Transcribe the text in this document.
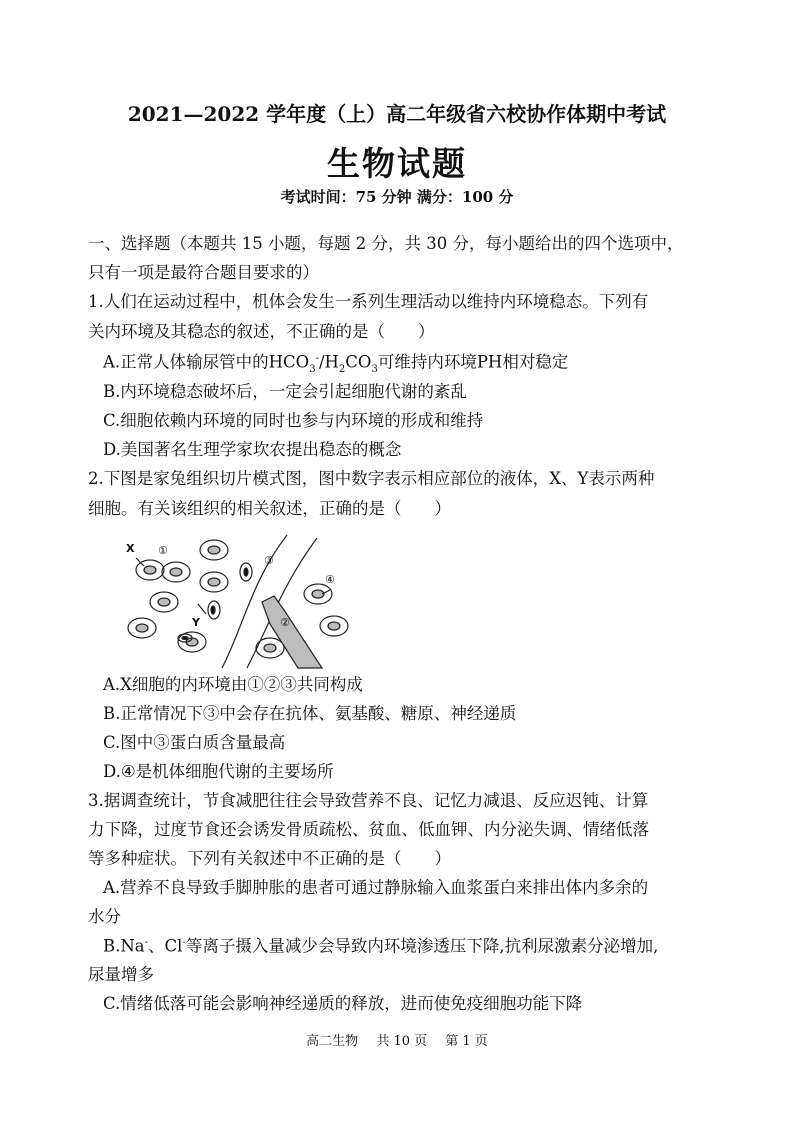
2021—2022 学年度（上）高二年级省六校协作体期中考试
生物试题
考试时间：75 分钟 满分：100 分
一、选择题（本题共 15 小题，每题 2 分，共 30 分，每小题给出的四个选项中，
只有一项是最符合题目要求的）
1.人们在运动过程中，机体会发生一系列生理活动以维持内环境稳态。下列有
关内环境及其稳态的叙述，不正确的是（　　）
A.正常人体输尿管中的$HCO_3^-/H_2CO_3$可维持内环境PH相对稳定
B.内环境稳态破坏后，一定会引起细胞代谢的紊乱
C.细胞依赖内环境的同时也参与内环境的形成和维持
D.美国著名生理学家坎农提出稳态的概念
2.下图是家兔组织切片模式图，图中数字表示相应部位的液体，X、Y表示两种
细胞。有关该组织的相关叙述，正确的是（　　）
X ①
③
④
②
Y
A.X细胞的内环境由①②③共同构成
B.正常情况下③中会存在抗体、氨基酸、糖原、神经递质
C.图中③蛋白质含量最高
D.④是机体细胞代谢的主要场所
3.据调查统计，节食减肥往往会导致营养不良、记忆力减退、反应迟钝、计算
力下降，过度节食还会诱发骨质疏松、贫血、低血钾、内分泌失调、情绪低落
等多种症状。下列有关叙述中不正确的是（　　）
A.营养不良导致手脚肿胀的患者可通过静脉输入血浆蛋白来排出体内多余的
水分
B.Na-、Cl-等离子摄入量减少会导致内环境渗透压下降,抗利尿激素分泌增加,
尿量增多
C.情绪低落可能会影响神经递质的释放，进而使免疫细胞功能下降
高二生物 共 10 页 第 1 页
